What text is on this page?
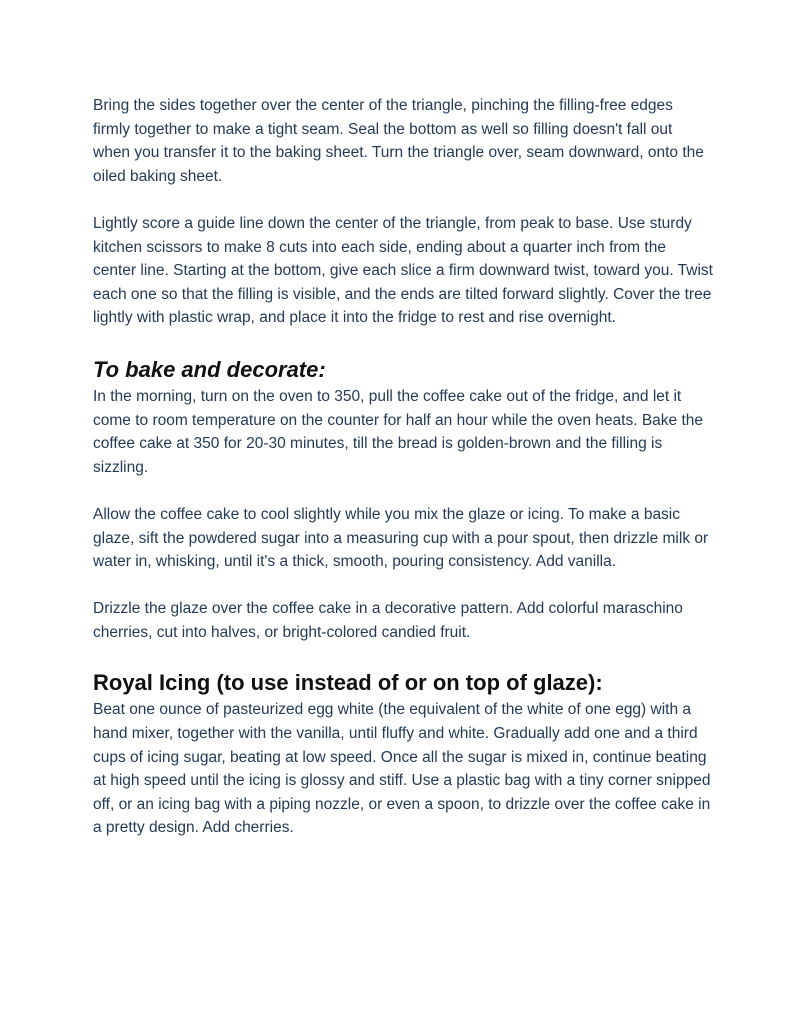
Bring the sides together over the center of the triangle, pinching the filling-free edges firmly together to make a tight seam. Seal the bottom as well so filling doesn't fall out when you transfer it to the baking sheet. Turn the triangle over, seam downward, onto the oiled baking sheet.

Lightly score a guide line down the center of the triangle, from peak to base. Use sturdy kitchen scissors to make 8 cuts into each side, ending about a quarter inch from the center line. Starting at the bottom, give each slice a firm downward twist, toward you. Twist each one so that the filling is visible, and the ends are tilted forward slightly. Cover the tree lightly with plastic wrap, and place it into the fridge to rest and rise overnight.

To bake and decorate:

In the morning, turn on the oven to 350, pull the coffee cake out of the fridge, and let it come to room temperature on the counter for half an hour while the oven heats. Bake the coffee cake at 350 for 20-30 minutes, till the bread is golden-brown and the filling is sizzling.

Allow the coffee cake to cool slightly while you mix the glaze or icing. To make a basic glaze, sift the powdered sugar into a measuring cup with a pour spout, then drizzle milk or water in, whisking, until it's a thick, smooth, pouring consistency. Add vanilla.

Drizzle the glaze over the coffee cake in a decorative pattern. Add colorful maraschino cherries, cut into halves, or bright-colored candied fruit.

Royal Icing (to use instead of or on top of glaze):

Beat one ounce of pasteurized egg white (the equivalent of the white of one egg) with a hand mixer, together with the vanilla, until fluffy and white. Gradually add one and a third cups of icing sugar, beating at low speed. Once all the sugar is mixed in, continue beating at high speed until the icing is glossy and stiff. Use a plastic bag with a tiny corner snipped off, or an icing bag with a piping nozzle, or even a spoon, to drizzle over the coffee cake in a pretty design. Add cherries.
